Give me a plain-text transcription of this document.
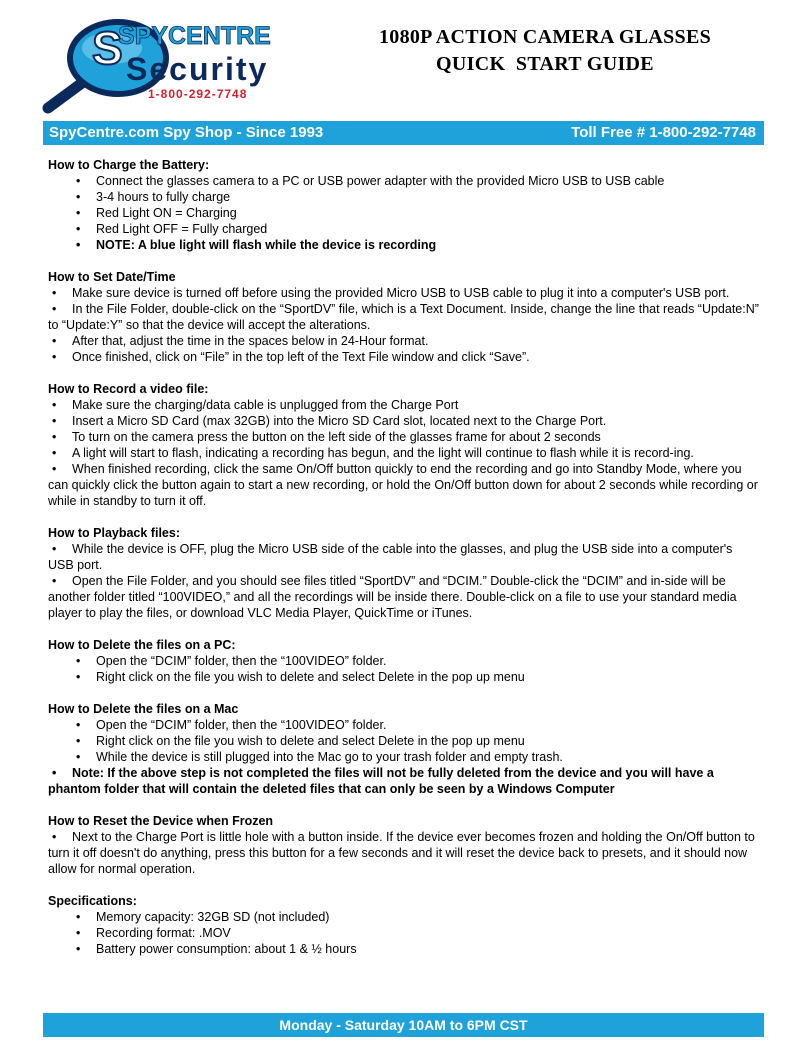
S
SPYCENTRE
Security
1-800-292-7748
1080P ACTION CAMERA GLASSES
QUICK  START GUIDE
SpyCentre.com Spy Shop - Since 1993	Toll Free # 1-800-292-7748
How to Charge the Battery:
• Connect the glasses camera to a PC or USB power adapter with the provided Micro USB to USB cable
• 3-4 hours to fully charge
• Red Light ON = Charging
• Red Light OFF = Fully charged
• NOTE: A blue light will flash while the device is recording
How to Set Date/Time
• Make sure device is turned off before using the provided Micro USB to USB cable to plug it into a computer's USB port.
• In the File Folder, double-click on the “SportDV” file, which is a Text Document. Inside, change the line that reads “Update:N” to “Update:Y” so that the device will accept the alterations.
• After that, adjust the time in the spaces below in 24-Hour format.
• Once finished, click on “File” in the top left of the Text File window and click “Save”.
How to Record a video file:
• Make sure the charging/data cable is unplugged from the Charge Port
• Insert a Micro SD Card (max 32GB) into the Micro SD Card slot, located next to the Charge Port.
• To turn on the camera press the button on the left side of the glasses frame for about 2 seconds
• A light will start to flash, indicating a recording has begun, and the light will continue to flash while it is record-ing.
• When finished recording, click the same On/Off button quickly to end the recording and go into Standby Mode, where you can quickly click the button again to start a new recording, or hold the On/Off button down for about 2 seconds while recording or while in standby to turn it off.
How to Playback files:
• While the device is OFF, plug the Micro USB side of the cable into the glasses, and plug the USB side into a computer's USB port.
• Open the File Folder, and you should see files titled “SportDV” and “DCIM.” Double-click the “DCIM” and in-side will be another folder titled “100VIDEO,” and all the recordings will be inside there. Double-click on a file to use your standard media player to play the files, or download VLC Media Player, QuickTime or iTunes.
How to Delete the files on a PC:
• Open the “DCIM” folder, then the “100VIDEO” folder.
• Right click on the file you wish to delete and select Delete in the pop up menu
How to Delete the files on a Mac
• Open the “DCIM” folder, then the “100VIDEO” folder.
• Right click on the file you wish to delete and select Delete in the pop up menu
• While the device is still plugged into the Mac go to your trash folder and empty trash.
• Note: If the above step is not completed the files will not be fully deleted from the device and you will have a phantom folder that will contain the deleted files that can only be seen by a Windows Computer
How to Reset the Device when Frozen
• Next to the Charge Port is little hole with a button inside. If the device ever becomes frozen and holding the On/Off button to turn it off doesn't do anything, press this button for a few seconds and it will reset the device back to presets, and it should now allow for normal operation.
Specifications:
• Memory capacity: 32GB SD (not included)
• Recording format: .MOV
• Battery power consumption: about 1 & ½ hours
Monday - Saturday 10AM to 6PM CST
